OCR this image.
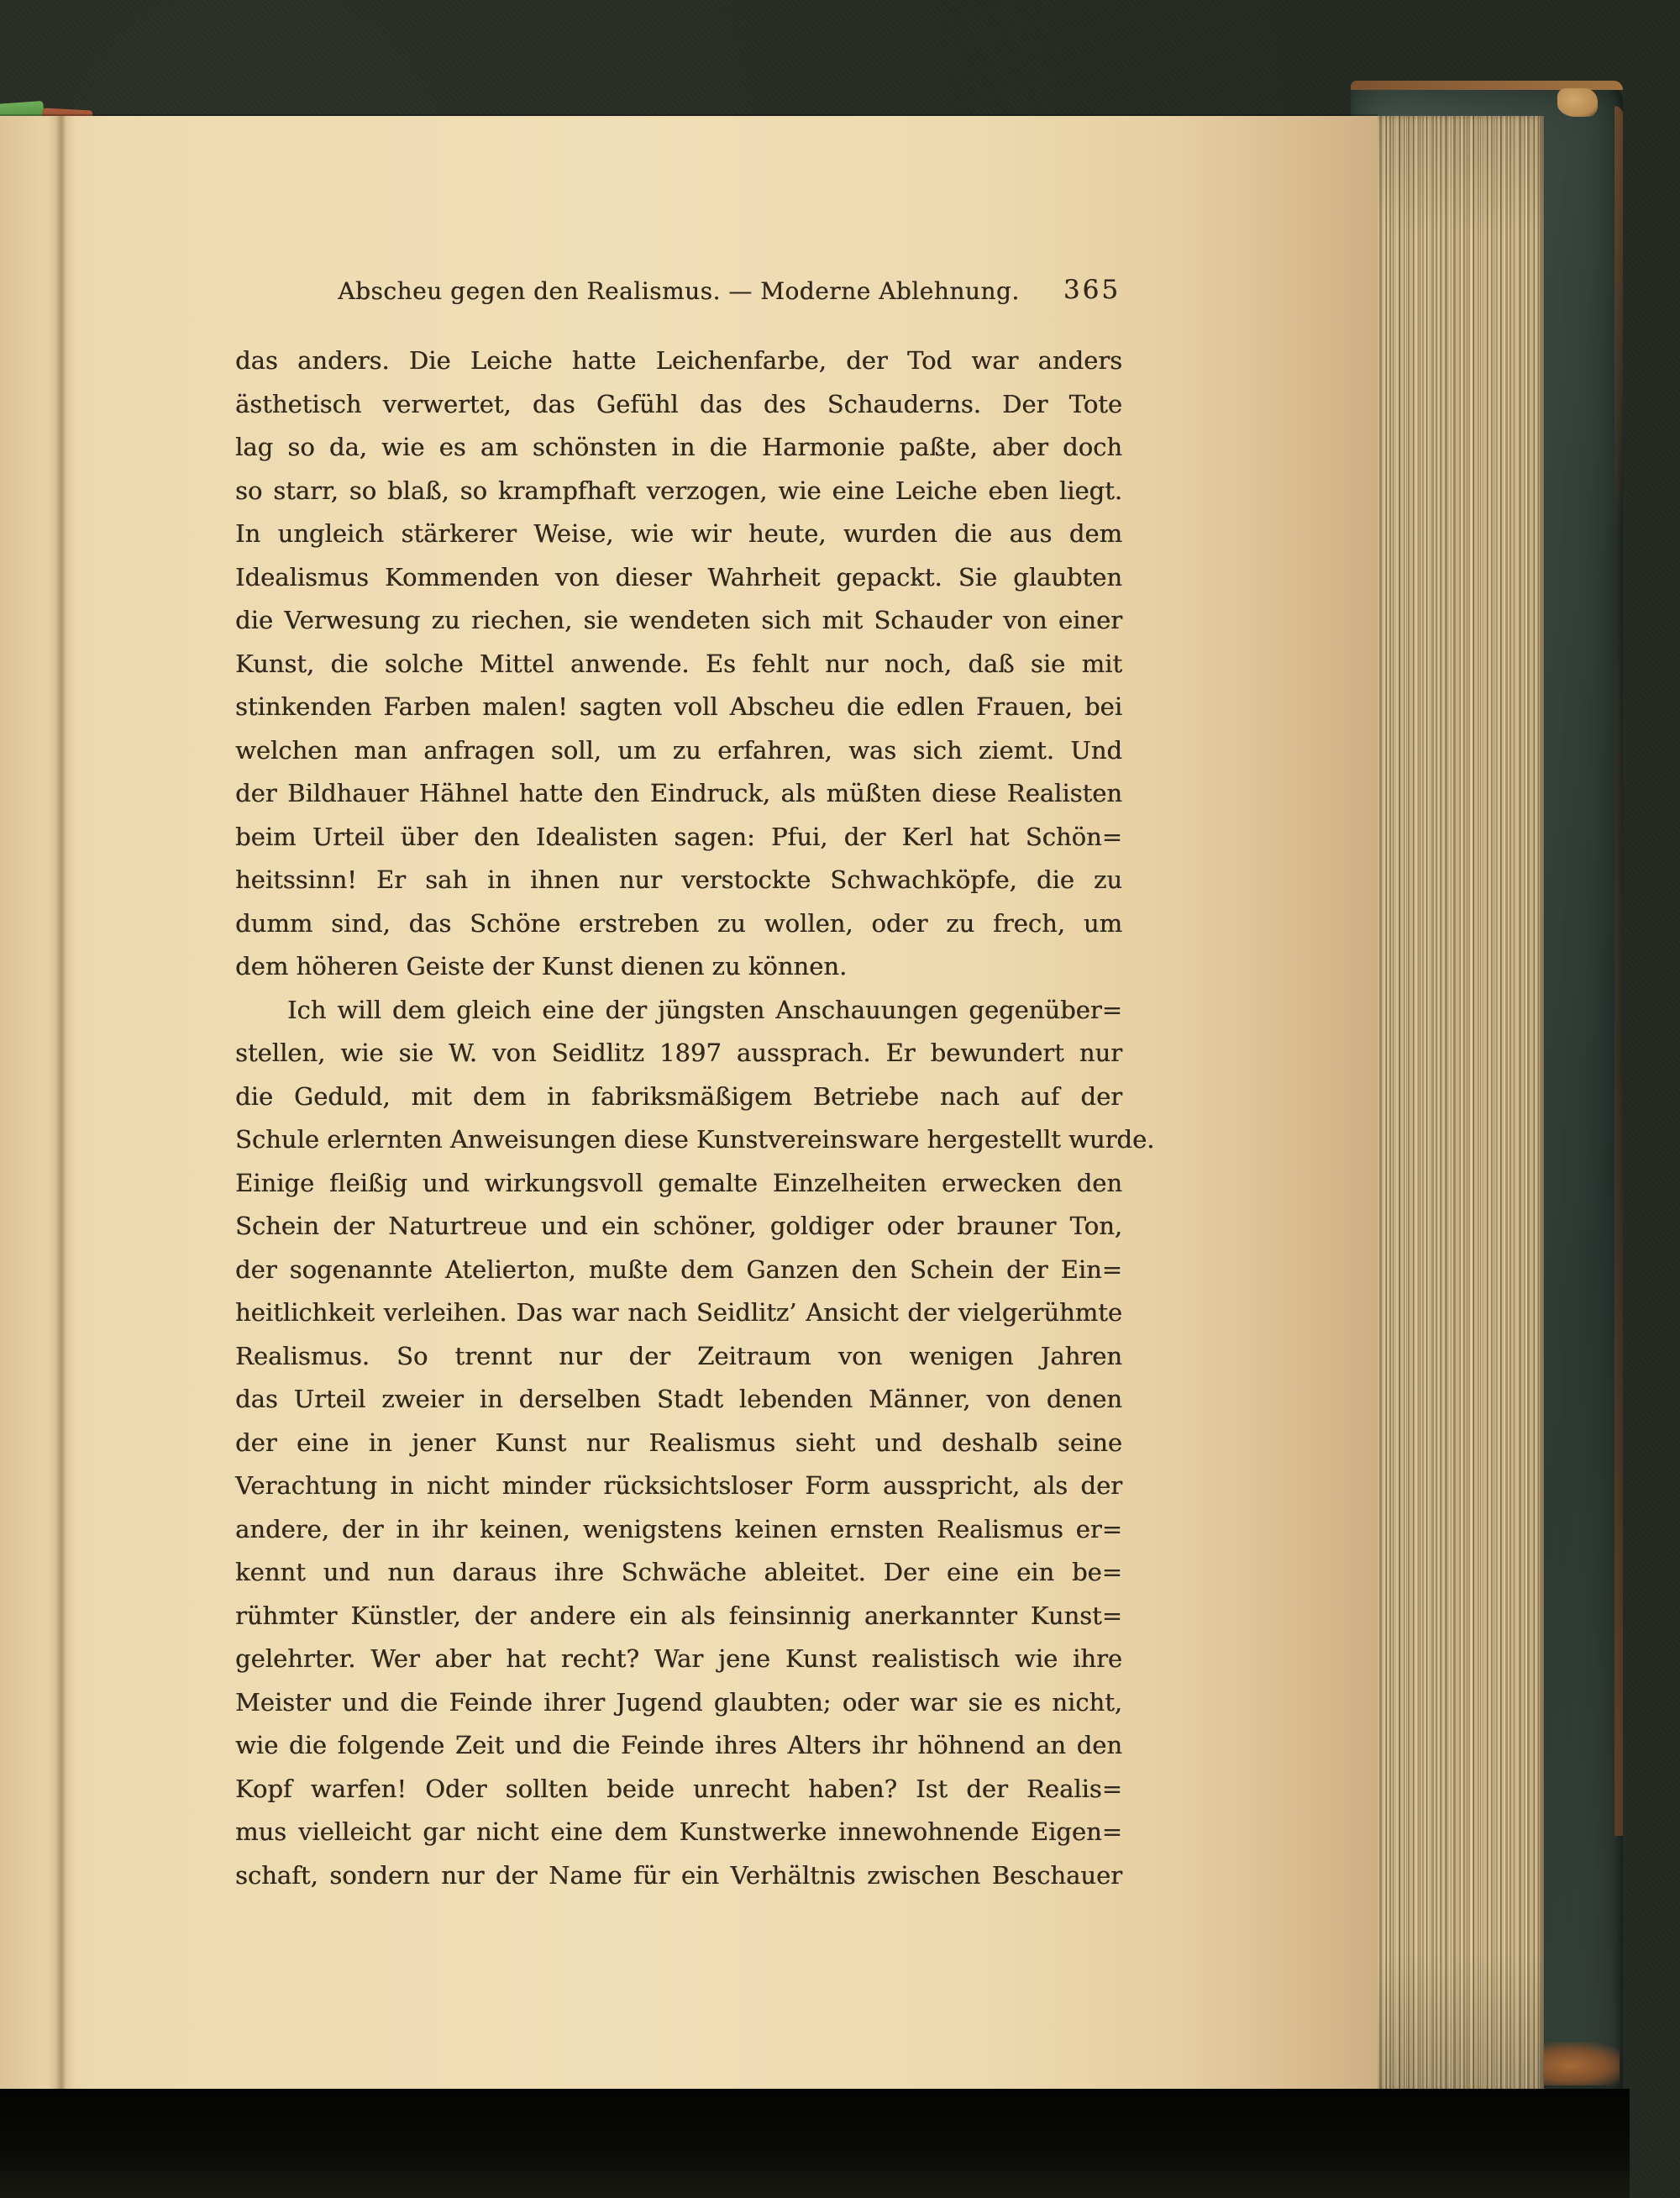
Abscheu gegen den Realismus. — Moderne Ablehnung. 365
das anders. Die Leiche hatte Leichenfarbe, der Tod war anders
ästhetisch verwertet, das Gefühl das des Schauderns. Der Tote
lag so da, wie es am schönsten in die Harmonie paßte, aber doch
so starr, so blaß, so krampfhaft verzogen, wie eine Leiche eben liegt.
In ungleich stärkerer Weise, wie wir heute, wurden die aus dem
Idealismus Kommenden von dieser Wahrheit gepackt. Sie glaubten
die Verwesung zu riechen, sie wendeten sich mit Schauder von einer
Kunst, die solche Mittel anwende. Es fehlt nur noch, daß sie mit
stinkenden Farben malen! sagten voll Abscheu die edlen Frauen, bei
welchen man anfragen soll, um zu erfahren, was sich ziemt. Und
der Bildhauer Hähnel hatte den Eindruck, als müßten diese Realisten
beim Urteil über den Idealisten sagen: Pfui, der Kerl hat Schön=
heitssinn! Er sah in ihnen nur verstockte Schwachköpfe, die zu
dumm sind, das Schöne erstreben zu wollen, oder zu frech, um
dem höheren Geiste der Kunst dienen zu können.
Ich will dem gleich eine der jüngsten Anschauungen gegenüber=
stellen, wie sie W. von Seidlitz 1897 aussprach. Er bewundert nur
die Geduld, mit dem in fabriksmäßigem Betriebe nach auf der
Schule erlernten Anweisungen diese Kunstvereinsware hergestellt wurde.
Einige fleißig und wirkungsvoll gemalte Einzelheiten erwecken den
Schein der Naturtreue und ein schöner, goldiger oder brauner Ton,
der sogenannte Atelierton, mußte dem Ganzen den Schein der Ein=
heitlichkeit verleihen. Das war nach Seidlitz’ Ansicht der vielgerühmte
Realismus. So trennt nur der Zeitraum von wenigen Jahren
das Urteil zweier in derselben Stadt lebenden Männer, von denen
der eine in jener Kunst nur Realismus sieht und deshalb seine
Verachtung in nicht minder rücksichtsloser Form ausspricht, als der
andere, der in ihr keinen, wenigstens keinen ernsten Realismus er=
kennt und nun daraus ihre Schwäche ableitet. Der eine ein be=
rühmter Künstler, der andere ein als feinsinnig anerkannter Kunst=
gelehrter. Wer aber hat recht? War jene Kunst realistisch wie ihre
Meister und die Feinde ihrer Jugend glaubten; oder war sie es nicht,
wie die folgende Zeit und die Feinde ihres Alters ihr höhnend an den
Kopf warfen! Oder sollten beide unrecht haben? Ist der Realis=
mus vielleicht gar nicht eine dem Kunstwerke innewohnende Eigen=
schaft, sondern nur der Name für ein Verhältnis zwischen Beschauer
